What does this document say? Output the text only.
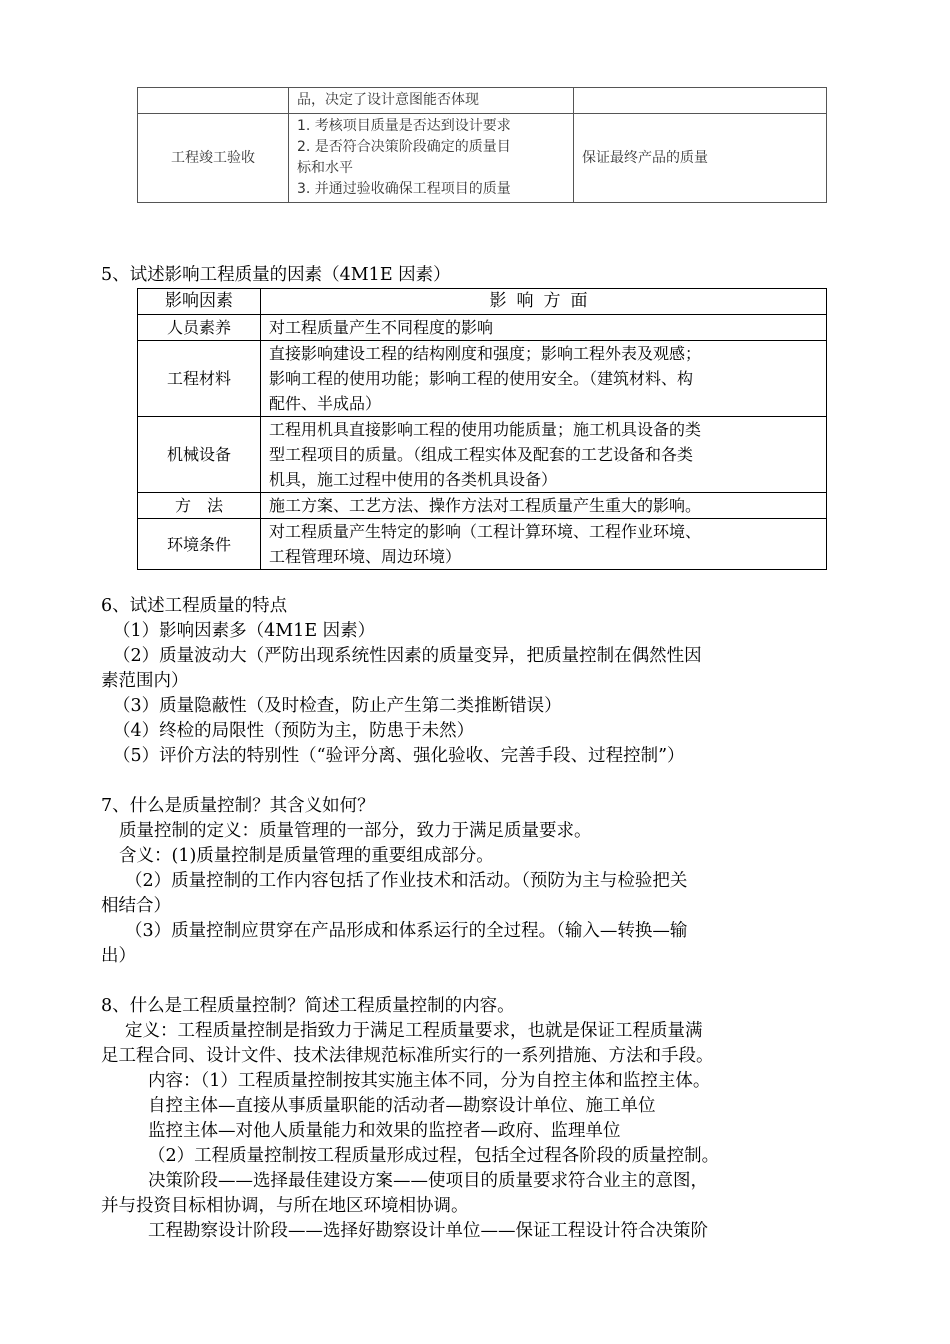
	品，决定了设计意图能否体现	
工程竣工验收	1. 考核项目质量是否达到设计要求
2. 是否符合决策阶段确定的质量目
标和水平
3. 并通过验收确保工程项目的质量	保证最终产品的质量
5、试述影响工程质量的因素（4M1E 因素）
影响因素	影响方面
人员素养	对工程质量产生不同程度的影响

工程材料	直接影响建设工程的结构刚度和强度；影响工程外表及观感；
影响工程的使用功能；影响工程的使用安全。（建筑材料、构
配件、半成品）

机械设备	工程用机具直接影响工程的使用功能质量；施工机具设备的类
型工程项目的质量。（组成工程实体及配套的工艺设备和各类
机具，施工过程中使用的各类机具设备）

方　法	施工方案、工艺方法、操作方法对工程质量产生重大的影响。

环境条件	对工程质量产生特定的影响（工程计算环境、工程作业环境、
工程管理环境、周边环境）
6、试述工程质量的特点
（1）影响因素多（4M1E 因素）
（2）质量波动大（严防出现系统性因素的质量变异，把质量控制在偶然性因
素范围内）
（3）质量隐蔽性（及时检查，防止产生第二类推断错误）
（4）终检的局限性（预防为主，防患于未然）
（5）评价方法的特别性（“验评分离、强化验收、完善手段、过程控制”）
7、什么是质量控制？其含义如何？
质量控制的定义：质量管理的一部分，致力于满足质量要求。
含义：(1)质量控制是质量管理的重要组成部分。
（2）质量控制的工作内容包括了作业技术和活动。（预防为主与检验把关
相结合）
（3）质量控制应贯穿在产品形成和体系运行的全过程。（输入—转换—输
出）
8、什么是工程质量控制？简述工程质量控制的内容。
定义：工程质量控制是指致力于满足工程质量要求，也就是保证工程质量满
足工程合同、设计文件、技术法律规范标准所实行的一系列措施、方法和手段。
内容：（1）工程质量控制按其实施主体不同，分为自控主体和监控主体。
自控主体—直接从事质量职能的活动者—勘察设计单位、施工单位
监控主体—对他人质量能力和效果的监控者—政府、监理单位
（2）工程质量控制按工程质量形成过程，包括全过程各阶段的质量控制。
决策阶段——选择最佳建设方案——使项目的质量要求符合业主的意图，
并与投资目标相协调，与所在地区环境相协调。
工程勘察设计阶段——选择好勘察设计单位——保证工程设计符合决策阶
